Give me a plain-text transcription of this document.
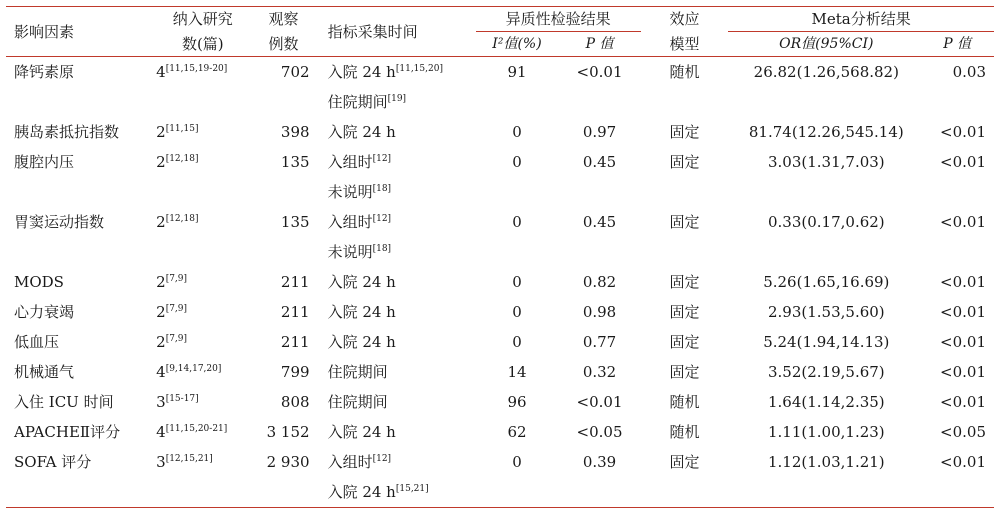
影响因素	纳入研究	观察	指标采集时间	异质性检验结果		效应	Meta分析结果	
	数(篇)	例数		I²值(%)	P 值	模型	OR值(95%CI)	P 值
降钙素原	4[11,15,19-20]	702	入院 24 h[11,15,20]	91	<0.01	随机	26.82(1.26,568.82)	0.03
			住院期间[19]					
胰岛素抵抗指数	2[11,15]	398	入院 24 h	0	0.97	固定	81.74(12.26,545.14)	<0.01
腹腔内压	2[12,18]	135	入组时[12]	0	0.45	固定	3.03(1.31,7.03)	<0.01
			未说明[18]					
胃窦运动指数	2[12,18]	135	入组时[12]	0	0.45	固定	0.33(0.17,0.62)	<0.01
			未说明[18]					
MODS	2[7,9]	211	入院 24 h	0	0.82	固定	5.26(1.65,16.69)	<0.01
心力衰竭	2[7,9]	211	入院 24 h	0	0.98	固定	2.93(1.53,5.60)	<0.01
低血压	2[7,9]	211	入院 24 h	0	0.77	固定	5.24(1.94,14.13)	<0.01
机械通气	4[9,14,17,20]	799	住院期间	14	0.32	固定	3.52(2.19,5.67)	<0.01
入住 ICU 时间	3[15-17]	808	住院期间	96	<0.01	随机	1.64(1.14,2.35)	<0.01
APACHEⅡ评分	4[11,15,20-21]	3 152	入院 24 h	62	<0.05	随机	1.11(1.00,1.23)	<0.05
SOFA 评分	3[12,15,21]	2 930	入组时[12]	0	0.39	固定	1.12(1.03,1.21)	<0.01
			入院 24 h[15,21]					
